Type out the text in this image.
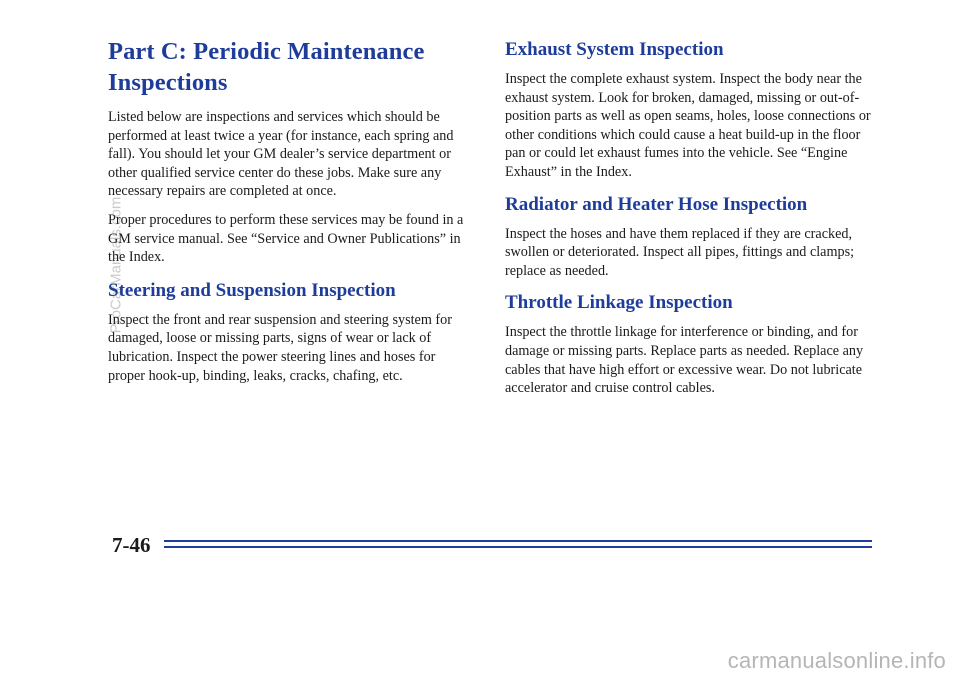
Part C: Periodic Maintenance Inspections

Listed below are inspections and services which should be performed at least twice a year (for instance, each spring and fall). You should let your GM dealer’s service department or other qualified service center do these jobs. Make sure any necessary repairs are completed at once.

Proper procedures to perform these services may be found in a GM service manual. See “Service and Owner Publications” in the Index.

Steering and Suspension Inspection

Inspect the front and rear suspension and steering system for damaged, loose or missing parts, signs of wear or lack of lubrication. Inspect the power steering lines and hoses for proper hook-up, binding, leaks, cracks, chafing, etc.

Exhaust System Inspection

Inspect the complete exhaust system. Inspect the body near the exhaust system. Look for broken, damaged, missing or out-of-position parts as well as open seams, holes, loose connections or other conditions which could cause a heat build-up in the floor pan or could let exhaust fumes into the vehicle. See “Engine Exhaust” in the Index.

Radiator and Heater Hose Inspection

Inspect the hoses and have them replaced if they are cracked, swollen or deteriorated. Inspect all pipes, fittings and clamps; replace as needed.

Throttle Linkage Inspection

Inspect the throttle linkage for interference or binding, and for damage or missing parts. Replace parts as needed. Replace any cables that have high effort or excessive wear. Do not lubricate accelerator and cruise control cables.

7-46
ProCarManuals.com
carmanualsonline.info
